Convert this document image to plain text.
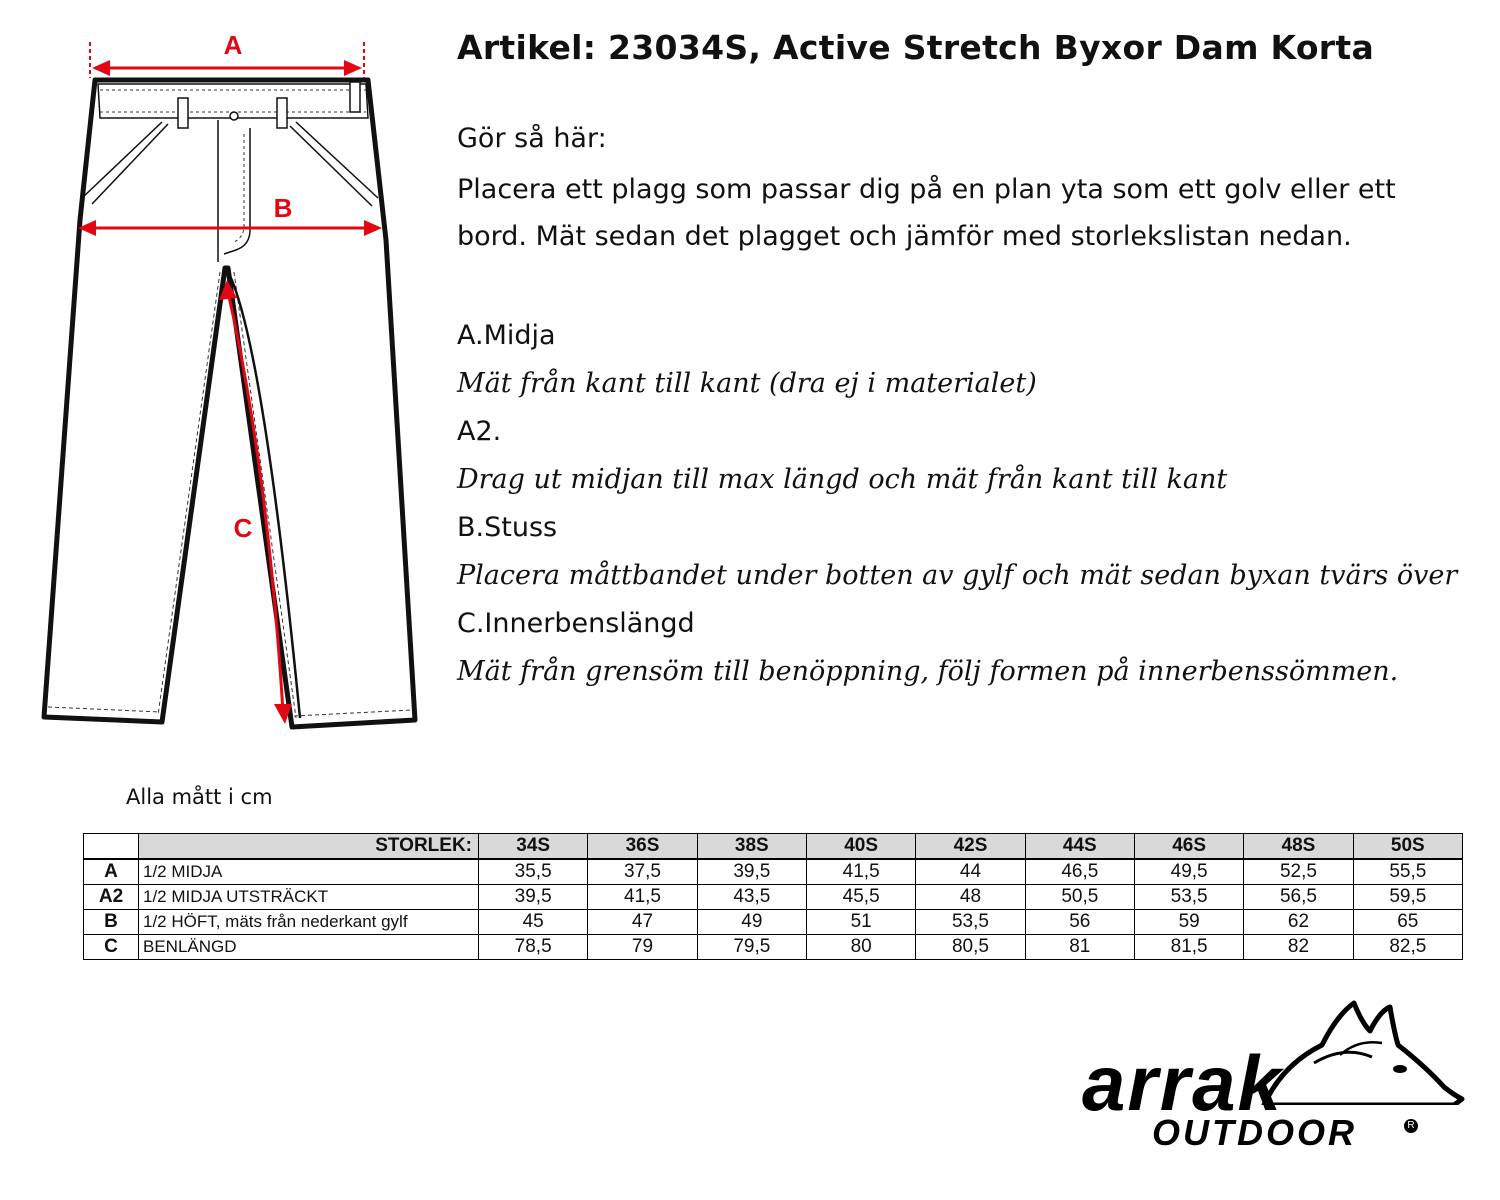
A
B
C
Artikel: 23034S, Active Stretch Byxor Dam Korta
Gör så här:
Placera ett plagg som passar dig på en plan yta som ett golv eller ett bord. Mät sedan det plagget och jämför med storlekslistan nedan.
A.Midja
Mät från kant till kant (dra ej i materialet)
A2.
Drag ut midjan till max längd och mät från kant till kant
B.Stuss
Placera måttbandet under botten av gylf och mät sedan byxan tvärs över
C.Innerbenslängd
Mät från grensöm till benöppning, följ formen på innerbenssömmen.
Alla mått i cm
	STORLEK:	34S	36S	38S	40S	42S	44S	46S	48S	50S
A	1/2 MIDJA	35,5	37,5	39,5	41,5	44	46,5	49,5	52,5	55,5
A2	1/2 MIDJA UTSTRÄCKT	39,5	41,5	43,5	45,5	48	50,5	53,5	56,5	59,5
B	1/2 HÖFT, mäts från nederkant gylf	45	47	49	51	53,5	56	59	62	65
C	BENLÄNGD	78,5	79	79,5	80	80,5	81	81,5	82	82,5
arrak
OUTDOOR	R
